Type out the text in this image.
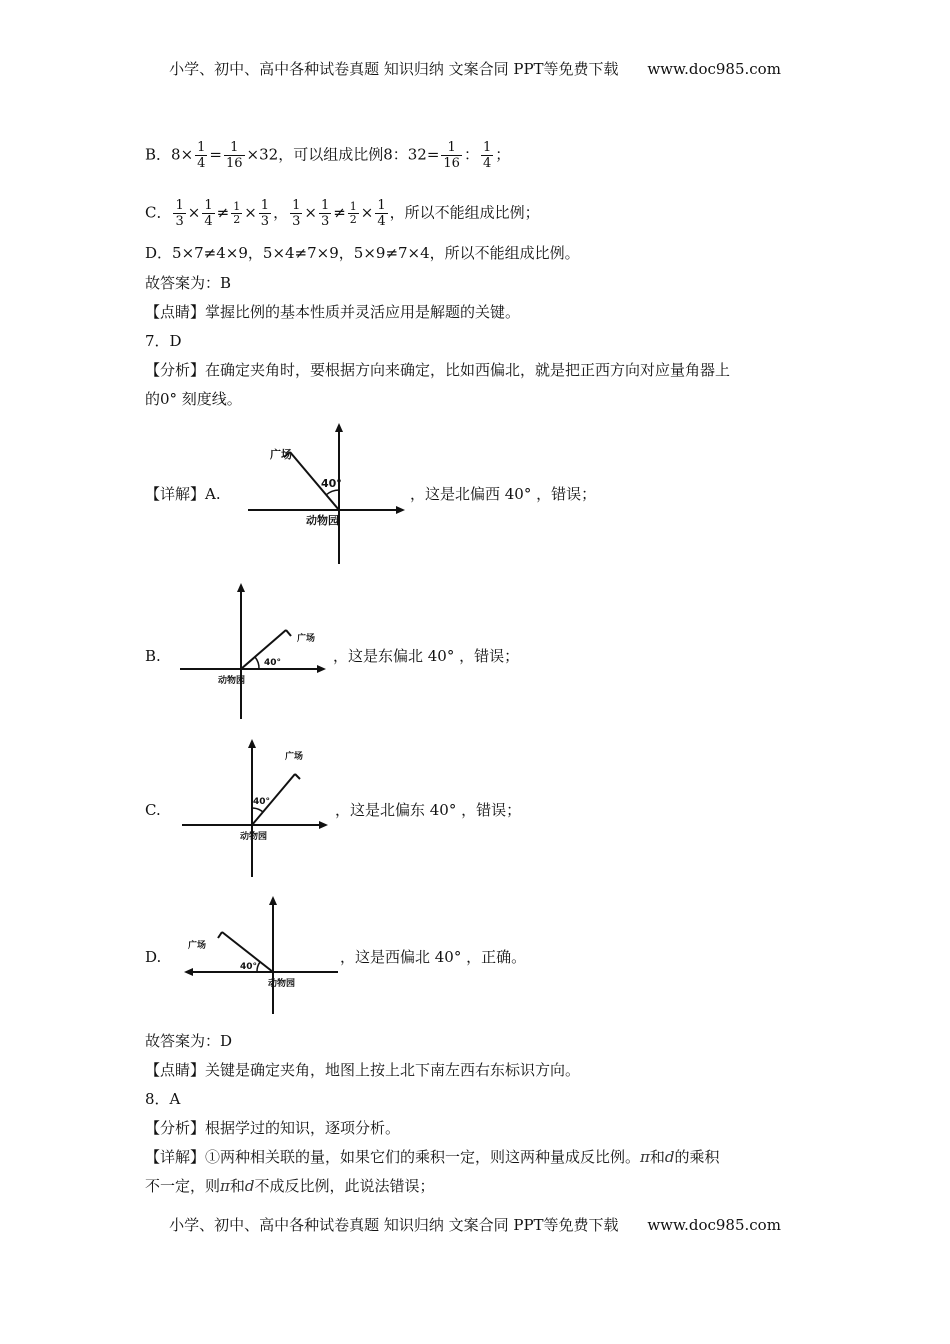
小学、初中、高中各种试卷真题 知识归纳 文案合同 PPT等免费下载 www.doc985.com
B．$8\times \frac{1}{4} = \frac{1}{16} \times 32$，可以组成比例8：$32= \frac{1}{16}$ ： $\frac{1}{4}$ ；
C． $\frac{1}{3} \times \frac{1}{4} \ne \frac{1}{2} \times \frac{1}{3}$ ， $\frac{1}{3} \times \frac{1}{3} \ne \frac{1}{2} \times \frac{1}{4}$ ，所以不能组成比例；
D．5×7≠4×9，5×4≠7×9，5×9≠7×4，所以不能组成比例。
故答案为：B
【点睛】掌握比例的基本性质并灵活应用是解题的关键。
7．D
【分析】在确定夹角时，要根据方向来确定，比如西偏北，就是把正西方向对应量角器上
的0° 刻度线。
【详解】A.
40°
广场
动物园
，这是北偏西 40° ，错误；
B.	40°
广场
动物园
，这是东偏北 40° ，错误；
C.	40°
广场
动物园
，这是北偏东 40° ，错误；
D.
40°
广场
动物园
，这是西偏北 40° ，正确。
故答案为：D
【点睛】关键是确定夹角，地图上按上北下南左西右东标识方向。
8．A
【分析】根据学过的知识，逐项分析。
【详解】①两种相关联的量，如果它们的乘积一定，则这两种量成反比例。π和d的乘积
不一定，则π和d不成反比例，此说法错误；
小学、初中、高中各种试卷真题 知识归纳 文案合同 PPT等免费下载 www.doc985.com
